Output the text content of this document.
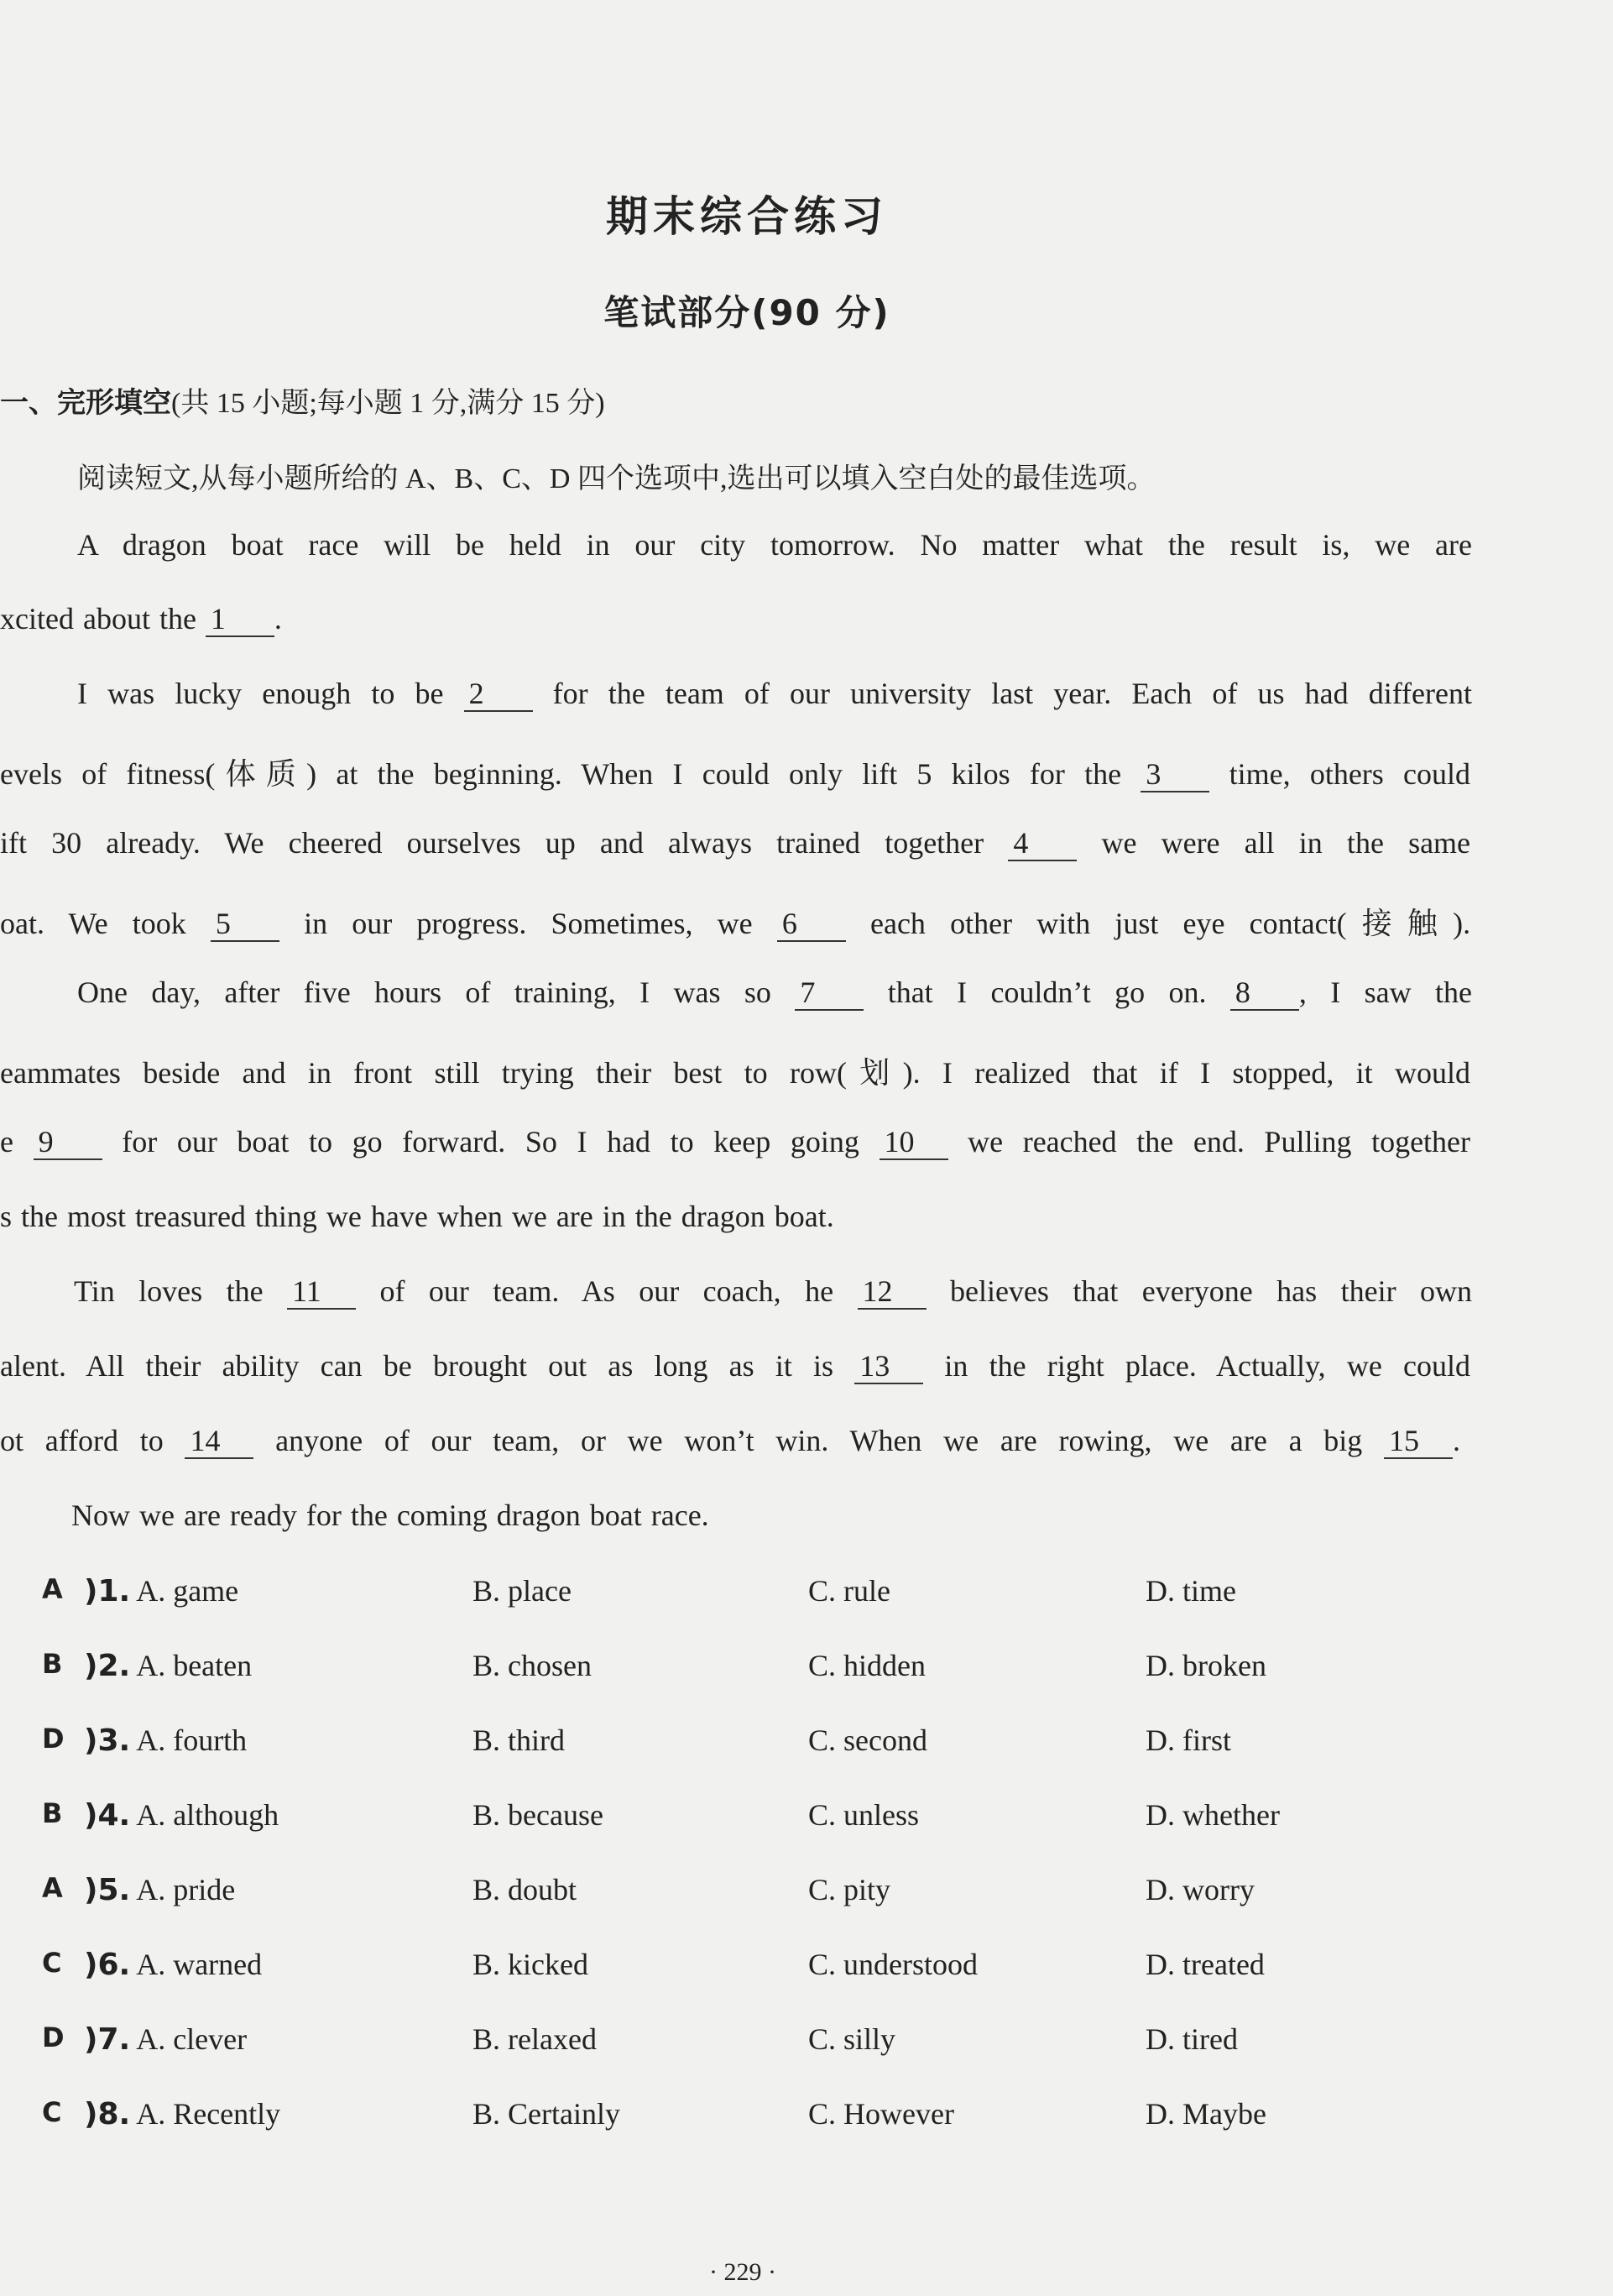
期末综合练习
笔试部分(90 分)
一、完形填空(共 15 小题;每小题 1 分,满分 15 分)
阅读短文,从每小题所给的 A、B、C、D 四个选项中,选出可以填入空白处的最佳选项。
A dragon boat race will be held in our city tomorrow. No matter what the result is, we are
xcited about the 1 .
I was lucky enough to be 2 for the team of our university last year. Each of us had different
evels of fitness(体质) at the beginning. When I could only lift 5 kilos for the 3 time, others could
ift 30 already. We cheered ourselves up and always trained together 4 we were all in the same
oat. We took 5 in our progress. Sometimes, we 6 each other with just eye contact(接触).
One day, after five hours of training, I was so 7 that I couldn’t go on. 8 , I saw the
eammates beside and in front still trying their best to row(划). I realized that if I stopped, it would
e 9 for our boat to go forward. So I had to keep going 10 we reached the end. Pulling together
s the most treasured thing we have when we are in the dragon boat.
Tin loves the 11 of our team. As our coach, he 12 believes that everyone has their own
alent. All their ability can be brought out as long as it is 13 in the right place. Actually, we could
ot afford to 14 anyone of our team, or we won’t win. When we are rowing, we are a big 15 .
Now we are ready for the coming dragon boat race.
A )1. A. game	B. place	C. rule	D. time
B )2. A. beaten	B. chosen	C. hidden	D. broken
D )3. A. fourth	B. third	C. second	D. first
B )4. A. although	B. because	C. unless	D. whether
A )5. A. pride	B. doubt	C. pity	D. worry
C )6. A. warned	B. kicked	C. understood	D. treated
D )7. A. clever	B. relaxed	C. silly	D. tired
C )8. A. Recently	B. Certainly	C. However	D. Maybe
· 229 ·
